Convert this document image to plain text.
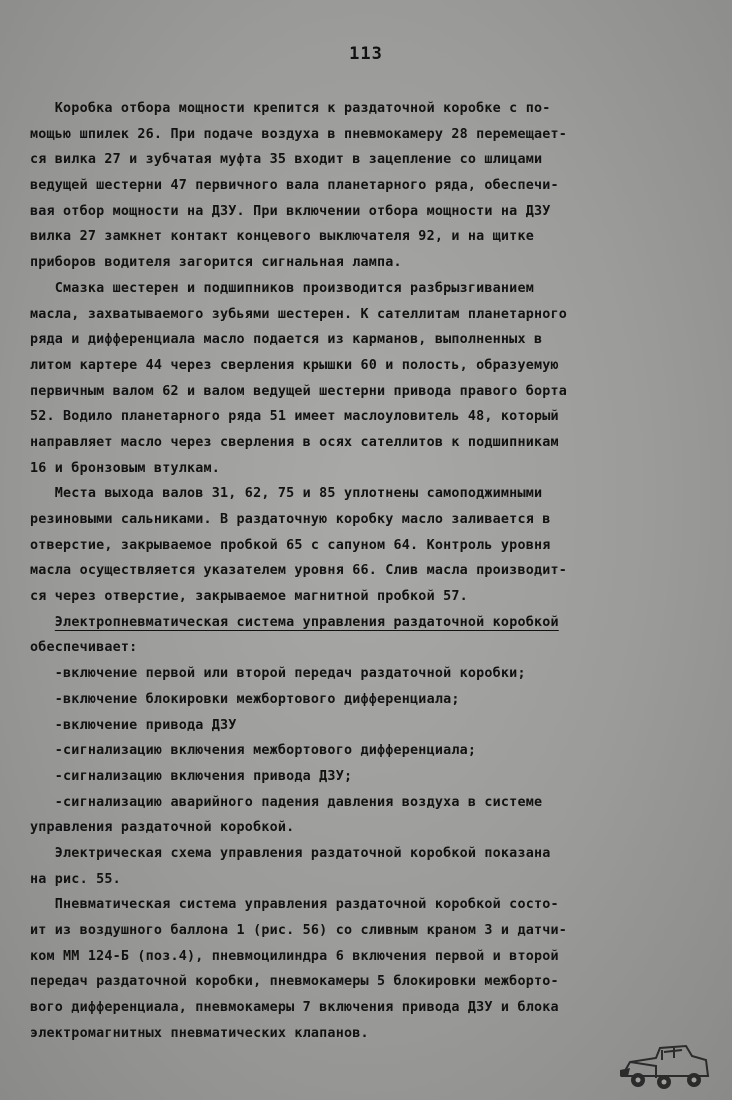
113
Коробка отбора мощности крепится к раздаточной коробке с по-
мощью шпилек 26. При подаче воздуха в пневмокамеру 28 перемещает-
ся вилка 27 и зубчатая муфта 35 входит в зацепление со шлицами
ведущей шестерни 47 первичного вала планетарного ряда, обеспечи-
вая отбор мощности на ДЗУ. При включении отбора мощности на ДЗУ
вилка 27 замкнет контакт концевого выключателя 92, и на щитке
приборов водителя загорится сигнальная лампа.
Смазка шестерен и подшипников производится разбрызгиванием
масла, захватываемого зубьями шестерен. К сателлитам планетарного
ряда и дифференциала масло подается из карманов, выполненных в
литом картере 44 через сверления крышки 60 и полость, образуемую
первичным валом 62 и валом ведущей шестерни привода правого борта
52. Водило планетарного ряда 51 имеет маслоуловитель 48, который
направляет масло через сверления в осях сателлитов к подшипникам
16 и бронзовым втулкам.
Места выхода валов 31, 62, 75 и 85 уплотнены самоподжимными
резиновыми сальниками. В раздаточную коробку масло заливается в
отверстие, закрываемое пробкой 65 с сапуном 64. Контроль уровня
масла осуществляется указателем уровня 66. Слив масла производит-
ся через отверстие, закрываемое магнитной пробкой 57.
Электропневматическая система управления раздаточной коробкой
обеспечивает:
-включение первой или второй передач раздаточной коробки;
-включение блокировки межбортового дифференциала;
-включение привода ДЗУ
-сигнализацию включения межбортового дифференциала;
-сигнализацию включения привода ДЗУ;
-сигнализацию аварийного падения давления воздуха в системе
управления раздаточной коробкой.
Электрическая схема управления раздаточной коробкой показана
на рис. 55.
Пневматическая система управления раздаточной коробкой состо-
ит из воздушного баллона 1 (рис. 56) со сливным краном 3 и датчи-
ком ММ 124-Б (поз.4), пневмоцилиндра 6 включения первой и второй
передач раздаточной коробки, пневмокамеры 5 блокировки межборто-
вого дифференциала, пневмокамеры 7 включения привода ДЗУ и блока
электромагнитных пневматических клапанов.
